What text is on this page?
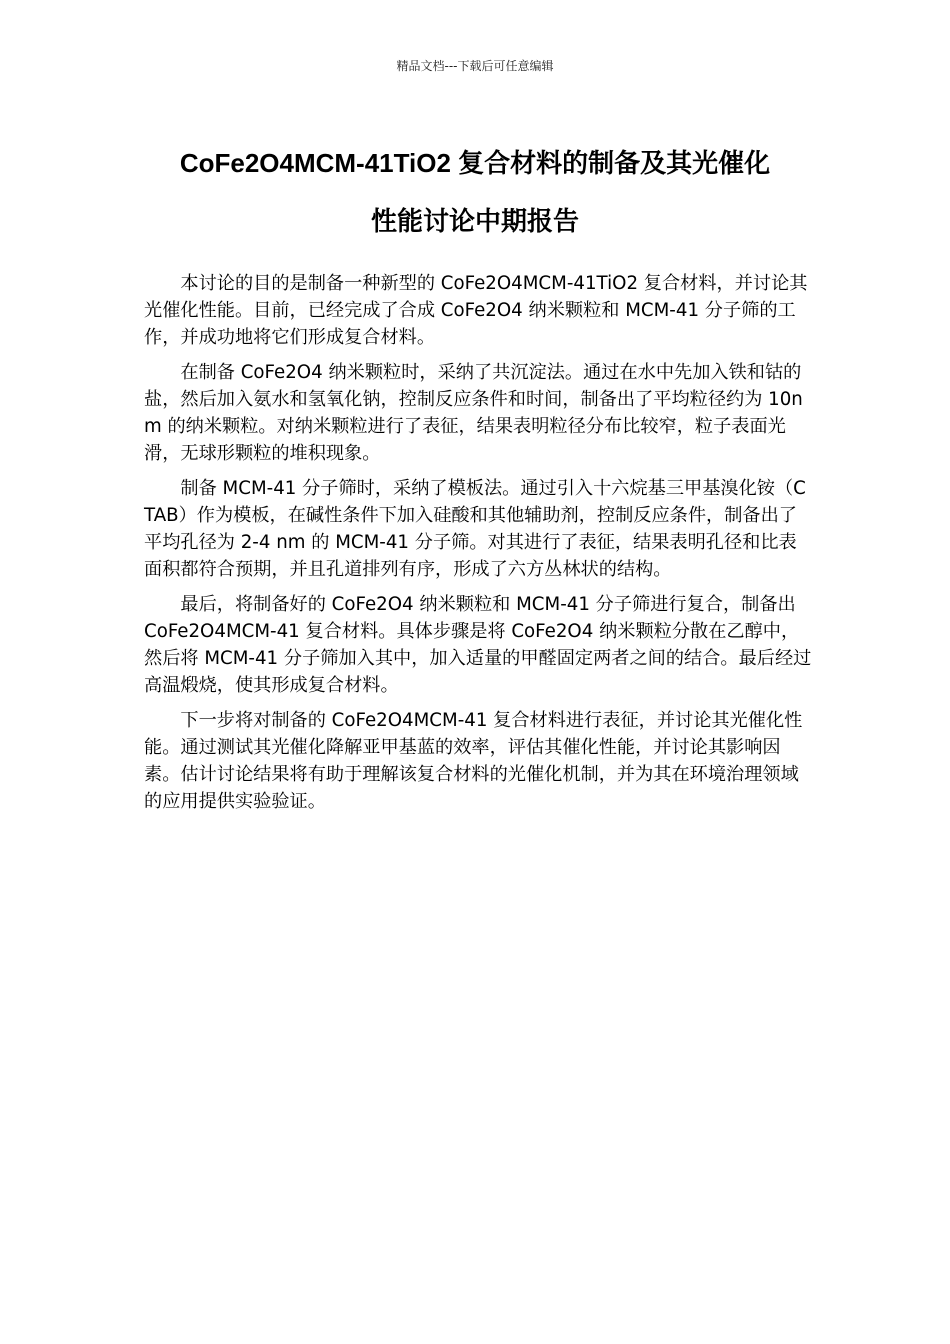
精品文档---下载后可任意编辑
CoFe2O4MCM-41TiO2 复合材料的制备及其光催化
性能讨论中期报告

本讨论的目的是制备一种新型的 CoFe2O4MCM-41TiO2 复合材料，并讨论其光催化性能。目前，已经完成了合成 CoFe2O4 纳米颗粒和 MCM-41 分子筛的工作，并成功地将它们形成复合材料。

在制备 CoFe2O4 纳米颗粒时，采纳了共沉淀法。通过在水中先加入铁和钴的盐，然后加入氨水和氢氧化钠，控制反应条件和时间，制备出了平均粒径约为 10nm 的纳米颗粒。对纳米颗粒进行了表征，结果表明粒径分布比较窄，粒子表面光滑，无球形颗粒的堆积现象。

制备 MCM-41 分子筛时，采纳了模板法。通过引入十六烷基三甲基溴化铵（CTAB）作为模板，在碱性条件下加入硅酸和其他辅助剂，控制反应条件，制备出了平均孔径为 2-4 nm 的 MCM-41 分子筛。对其进行了表征，结果表明孔径和比表面积都符合预期，并且孔道排列有序，形成了六方丛林状的结构。

最后，将制备好的 CoFe2O4 纳米颗粒和 MCM-41 分子筛进行复合，制备出 CoFe2O4MCM-41 复合材料。具体步骤是将 CoFe2O4 纳米颗粒分散在乙醇中，然后将 MCM-41 分子筛加入其中，加入适量的甲醛固定两者之间的结合。最后经过高温煅烧，使其形成复合材料。

下一步将对制备的 CoFe2O4MCM-41 复合材料进行表征，并讨论其光催化性能。通过测试其光催化降解亚甲基蓝的效率，评估其催化性能，并讨论其影响因素。估计讨论结果将有助于理解该复合材料的光催化机制，并为其在环境治理领域的应用提供实验验证。
